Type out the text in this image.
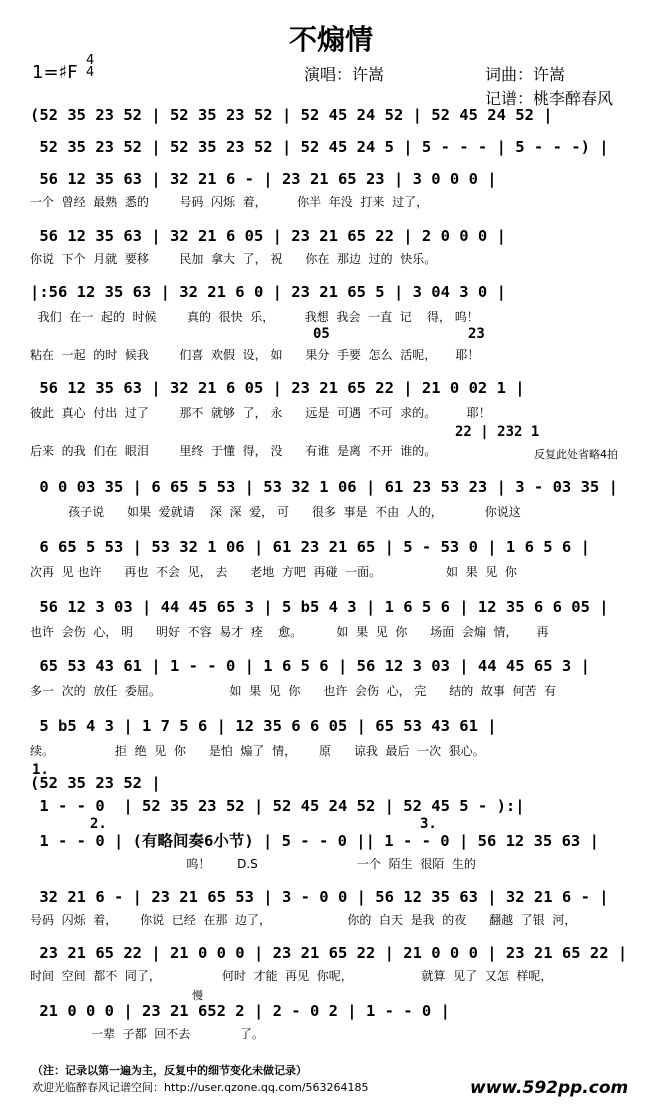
不煽情
1=♯F
4
4	演唱：许嵩	词曲：许嵩
记谱：桃李醉春风
(52 35 23 52 | 52 35 23 52 | 52 45 24 52 | 52 45 24 52 |
52 35 23 52 | 52 35 23 52 | 52 45 24 5 | 5 - - - | 5 - - -) |
56 12 35 63 | 32 21 6 - | 23 21 65 23 | 3 0 0 0 |
一个  曾经  最熟  悉的        号码  闪烁  着，        你半  年没  打来  过了，
56 12 35 63 | 32 21 6 05 | 23 21 65 22 | 2 0 0 0 |
你说  下个  月就  要移        民加  拿大  了， 祝      你在  那边  过的  快乐。
|:56 12 35 63 | 32 21 6 0 | 23 21 65 5 | 3 04 3 0 |
我们  在一  起的  时候        真的  很快  乐，        我想  我会  一直  记    得， 呜！
粘在  一起  的时  候我        们喜  欢假  设， 如      果分  手要  怎么  活呢，     耶！
05	23
56 12 35 63 | 32 21 6 05 | 23 21 65 22 | 21 0 02 1 |
彼此  真心  付出  过了        那不  就够  了， 永      远是  可遇  不可  求的。        耶！
后来  的我  们在  眼泪        里终  于懂  得， 没      有谁  是离  不开  谁的。
22 | 232 1
反复此处省略4拍
0 0 03 35 | 6 65 5 53 | 53 32 1 06 | 61 23 53 23 | 3 - 03 35 |
孩子说      如果  爱就请    深  深  爱， 可      很多  事是  不由  人的，           你说这
6 65 5 53 | 53 32 1 06 | 61 23 21 65 | 5 - 53 0 | 1 6 5 6 |
次再  见 也许      再也  不会  见， 去      老地  方吧  再碰  一面。                 如  果  见  你
56 12 3 03 | 44 45 65 3 | 5 b5 4 3 | 1 6 5 6 | 12 35 6 6 05 |
也许  会伤  心， 明      明好  不容  易才  痊    愈。         如  果  见  你      场面  会煽  情，     再
65 53 43 61 | 1 - - 0 | 1 6 5 6 | 56 12 3 03 | 44 45 65 3 |
多一  次的  放任  委屈。                  如  果  见  你      也许  会伤  心， 完      结的  故事  何苦  有
5 b5 4 3 | 1 7 5 6 | 12 35 6 6 05 | 65 53 43 61 |
续。                拒  绝  见  你      是怕  煽了  情，      原      谅我  最后  一次  狠心。
1.
(52 35 23 52 |
1 - - 0  | 52 35 23 52 | 52 45 24 52 | 52 45 5 - ):|
2.	3.
1 - - 0 | (有略间奏6小节) | 5 - - 0 || 1 - - 0 | 56 12 35 63 |
呜！       D.S                          一个  陌生  很陌  生的
32 21 6 - | 23 21 65 53 | 3 - 0 0 | 56 12 35 63 | 32 21 6 - |
号码  闪烁  着，      你说  已经  在那  边了，                    你的  白天  是我  的夜      翻越  了银  河，
23 21 65 22 | 21 0 0 0 | 23 21 65 22 | 21 0 0 0 | 23 21 65 22 |
时间  空间  都不  同了，                何时  才能  再见  你呢，                  就算  见了  又怎  样呢，
慢
21 0 0 0 | 23 21 652 2 | 2 - 0 2 | 1 - - 0 |
一辈  子都  回不去             了。
（注：记录以第一遍为主，反复中的细节变化未做记录）
欢迎光临醉春风记谱空间：http://user.qzone.qq.com/563264185	www.592pp.com
